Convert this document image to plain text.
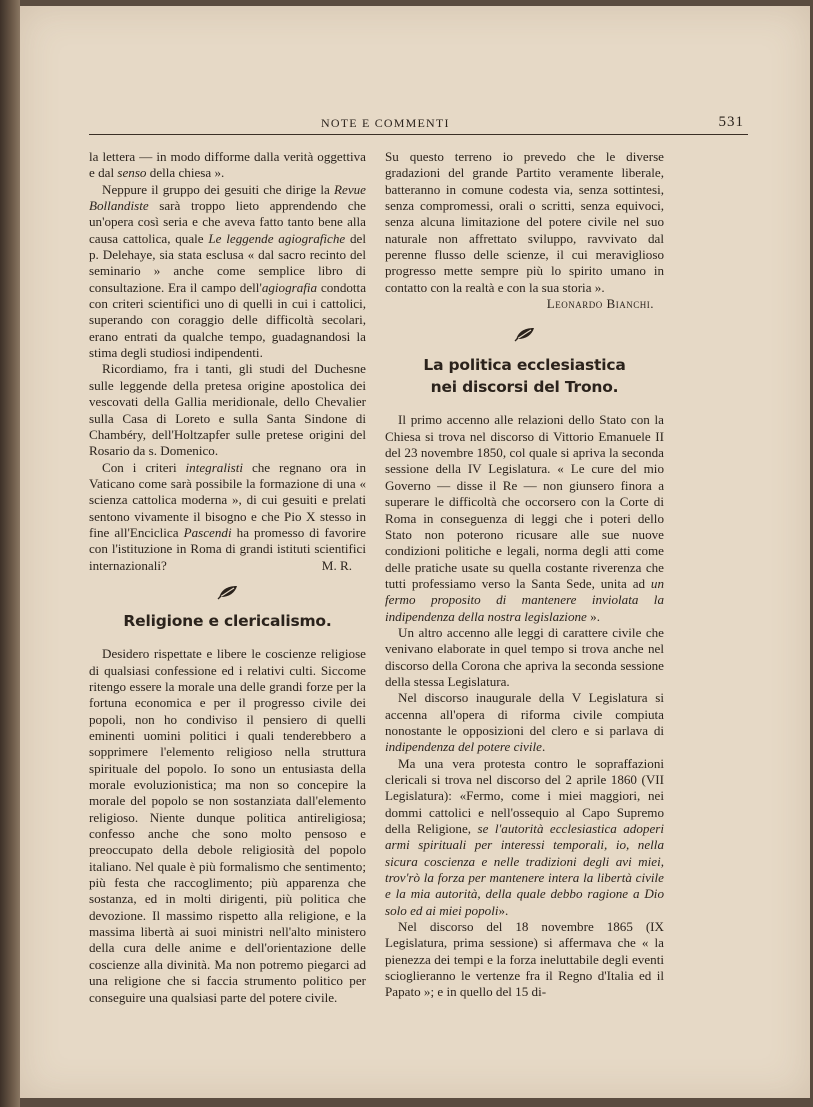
NOTE E COMMENTI	531

la lettera — in modo difforme dalla verità oggettiva e dal senso della chiesa ».

Neppure il gruppo dei gesuiti che dirige la Revue Bollandiste sarà troppo lieto apprendendo che un'opera così seria e che aveva fatto tanto bene alla causa cattolica, quale Le leggende agiografiche del p. Delehaye, sia stata esclusa « dal sacro recinto del seminario » anche come semplice libro di consultazione. Era il campo dell'agiografia condotta con criteri scientifici uno di quelli in cui i cattolici, superando con coraggio delle difficoltà secolari, erano entrati da qualche tempo, guadagnandosi la stima degli studiosi indipendenti.

Ricordiamo, fra i tanti, gli studi del Duchesne sulle leggende della pretesa origine apostolica dei vescovati della Gallia meridionale, dello Chevalier sulla Casa di Loreto e sulla Santa Sindone di Chambéry, dell'Holtzapfer sulle pretese origini del Rosario da s. Domenico.

Con i criteri integralisti che regnano ora in Vaticano come sarà possibile la formazione di una « scienza cattolica moderna », di cui gesuiti e prelati sentono vivamente il bisogno e che Pio X stesso in fine all'Enciclica Pascendi ha promesso di favorire con l'istituzione in Roma di grandi istituti scientifici internazionali?	M. R.

Religione e clericalismo.

Desidero rispettate e libere le coscienze religiose di qualsiasi confessione ed i relativi culti. Siccome ritengo essere la morale una delle grandi forze per la fortuna economica e per il progresso civile dei popoli, non ho condiviso il pensiero di quelli eminenti uomini politici i quali tenderebbero a sopprimere l'elemento religioso nella struttura spirituale del popolo. Io sono un entusiasta della morale evoluzionistica; ma non so concepire la morale del popolo se non sostanziata dall'elemento religioso. Niente dunque politica antireligiosa; confesso anche che sono molto pensoso e preoccupato della debole religiosità del popolo italiano. Nel quale è più formalismo che sentimento; più festa che raccoglimento; più apparenza che sostanza, ed in molti dirigenti, più politica che devozione. Il massimo rispetto alla religione, e la massima libertà ai suoi ministri nell'alto ministero della cura delle anime e dell'orientazione delle coscienze alla divinità. Ma non potremo piegarci ad una religione che si faccia strumento politico per conseguire una qualsiasi parte del potere civile.

Su questo terreno io prevedo che le diverse gradazioni del grande Partito veramente liberale, batteranno in comune codesta via, senza sottintesi, senza compromessi, orali o scritti, senza equivoci, senza alcuna limitazione del potere civile nel suo naturale non affrettato sviluppo, ravvivato dal perenne flusso delle scienze, il cui meraviglioso progresso mette sempre più lo spirito umano in contatto con la realtà e con la sua storia ».

Leonardo Bianchi.

La politica ecclesiastica
nei discorsi del Trono.

Il primo accenno alle relazioni dello Stato con la Chiesa si trova nel discorso di Vittorio Emanuele II del 23 novembre 1850, col quale si apriva la seconda sessione della IV Legislatura. « Le cure del mio Governo — disse il Re — non giunsero finora a superare le difficoltà che occorsero con la Corte di Roma in conseguenza di leggi che i poteri dello Stato non poterono ricusare alle sue nuove condizioni politiche e legali, norma degli atti come delle pratiche usate su quella costante riverenza che tutti professiamo verso la Santa Sede, unita ad un fermo proposito di mantenere inviolata la indipendenza della nostra legislazione ».

Un altro accenno alle leggi di carattere civile che venivano elaborate in quel tempo si trova anche nel discorso della Corona che apriva la seconda sessione della stessa Legislatura.

Nel discorso inaugurale della V Legislatura si accenna all'opera di riforma civile compiuta nonostante le opposizioni del clero e si parlava di indipendenza del potere civile.

Ma una vera protesta contro le sopraffazioni clericali si trova nel discorso del 2 aprile 1860 (VII Legislatura): «Fermo, come i miei maggiori, nei dommi cattolici e nell'ossequio al Capo Supremo della Religione, se l'autorità ecclesiastica adoperi armi spirituali per interessi temporali, io, nella sicura coscienza e nelle tradizioni degli avi miei, trov'rò la forza per mantenere intera la libertà civile e la mia autorità, della quale debbo ragione a Dio solo ed ai miei popoli».

Nel discorso del 18 novembre 1865 (IX Legislatura, prima sessione) si affermava che « la pienezza dei tempi e la forza ineluttabile degli eventi scioglieranno le vertenze fra il Regno d'Italia ed il Papato »; e in quello del 15 di-
